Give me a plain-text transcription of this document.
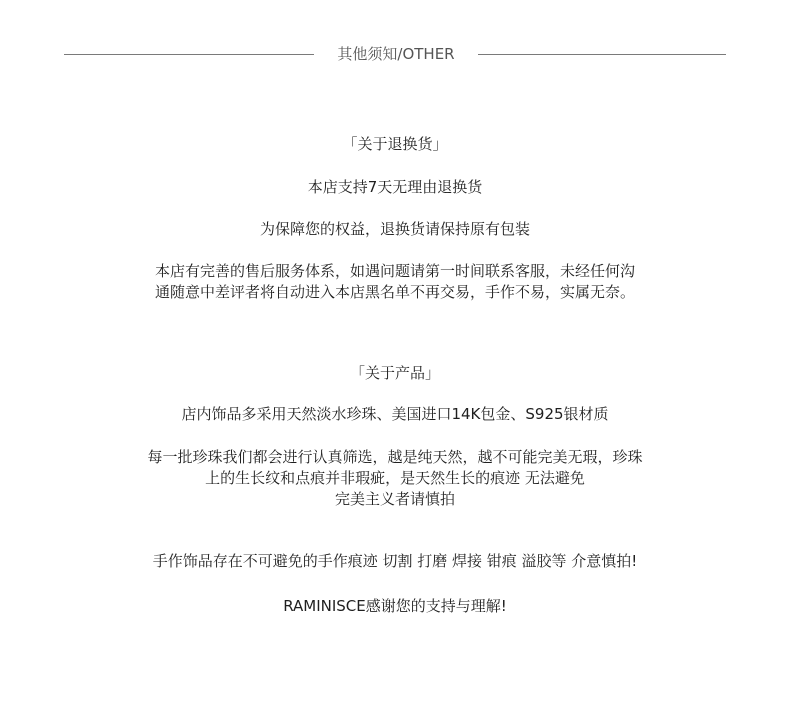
其他须知/OTHER
「关于退换货」
本店支持7天无理由退换货
为保障您的权益，退换货请保持原有包装
本店有完善的售后服务体系，如遇问题请第一时间联系客服，未经任何沟
通随意中差评者将自动进入本店黑名单不再交易，手作不易，实属无奈。
「关于产品」
店内饰品多采用天然淡水珍珠、美国进口14K包金、S925银材质
每一批珍珠我们都会进行认真筛选，越是纯天然，越不可能完美无瑕，珍珠
上的生长纹和点痕并非瑕疵，是天然生长的痕迹 无法避免
完美主义者请慎拍
手作饰品存在不可避免的手作痕迹 切割 打磨 焊接 钳痕 溢胶等 介意慎拍!
RAMINISCE感谢您的支持与理解!
